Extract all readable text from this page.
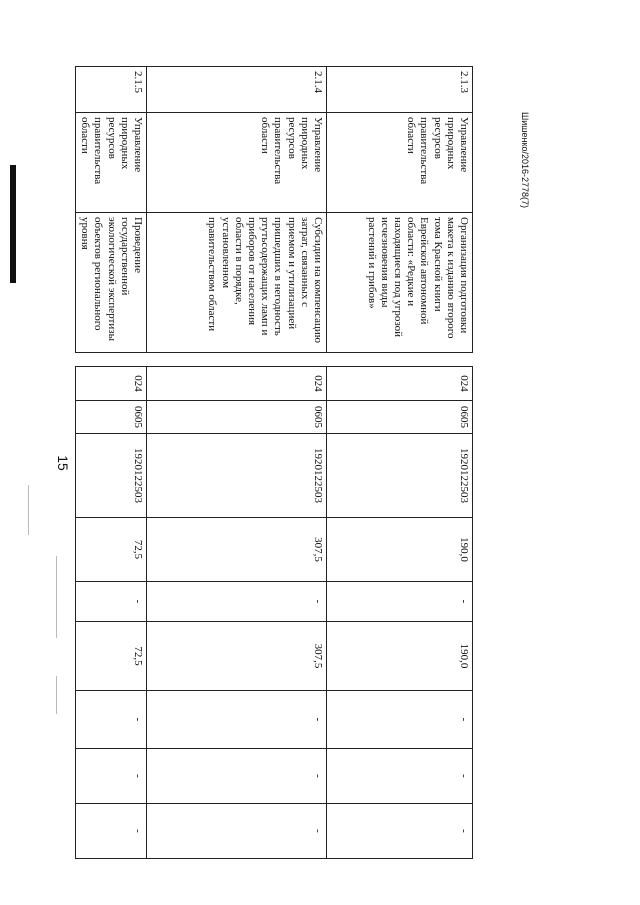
15
Шишенко/2016-2778(7)
2.1.3	Управление природных ресурсов правительства области	Организация подготовки макета к изданию второго тома Красной книги Еврейской автономной области: «Редкие и находящиеся под угрозой исчезновения виды растений и грибов»		024	0605	1920122503	190,0	-	190,0	-	-	-
2.1.4	Управление природных ресурсов правительства области	Субсидии на компенсацию затрат, связанных с приемом и утилизацией пришедших в негодность ртутьсодержащих ламп и приборов от населения области в порядке, установленном правительством области		024	0605	1920122503	307,5	-	307,5	-	-	-
2.1.5	Управление природных ресурсов правительства области	Проведение государственной экологической экспертизы объектов регионального уровня		024	0605	1920122503	72,5	-	72,5	-	-	-
